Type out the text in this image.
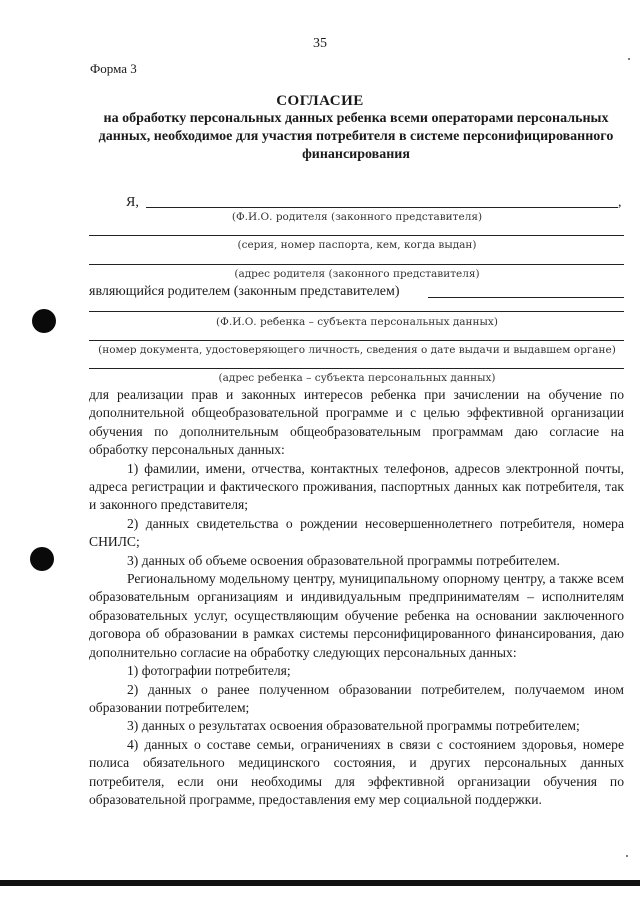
35
Форма 3
СОГЛАСИЕ
на обработку персональных данных ребенка всеми операторами персональных данных, необходимое для участия потребителя в системе персонифицированного финансирования
Я,	,
(Ф.И.О. родителя (законного представителя)
(серия, номер паспорта, кем, когда выдан)
(адрес родителя (законного представителя)
являющийся родителем (законным представителем)
(Ф.И.О. ребенка – субъекта персональных данных)
(номер документа, удостоверяющего личность, сведения о дате выдачи и выдавшем органе)
(адрес ребенка – субъекта персональных данных)

для реализации прав и законных интересов ребенка при зачислении на обучение по дополнительной общеобразовательной программе и с целью эффективной организации обучения по дополнительным общеобразовательным программам даю согласие на обработку персональных данных:

1) фамилии, имени, отчества, контактных телефонов, адресов электронной почты, адреса регистрации и фактического проживания, паспортных данных как потребителя, так и законного представителя;

2) данных свидетельства о рождении несовершеннолетнего потребителя, номера СНИЛС;

3) данных об объеме освоения образовательной программы потребителем.

Региональному модельному центру, муниципальному опорному центру, а также всем образовательным организациям и индивидуальным предпринимателям – исполнителям образовательных услуг, осуществляющим обучение ребенка на основании заключенного договора об образовании в рамках системы персонифицированного финансирования, даю дополнительно согласие на обработку следующих персональных данных:

1) фотографии потребителя;

2) данных о ранее полученном образовании потребителем, получаемом ином образовании потребителем;

3) данных о результатах освоения образовательной программы потребителем;

4) данных о составе семьи, ограничениях в связи с состоянием здоровья, номере полиса обязательного медицинского состояния, и других персональных данных потребителя, если они необходимы для эффективной организации обучения по образовательной программе, предоставления ему мер социальной поддержки.
